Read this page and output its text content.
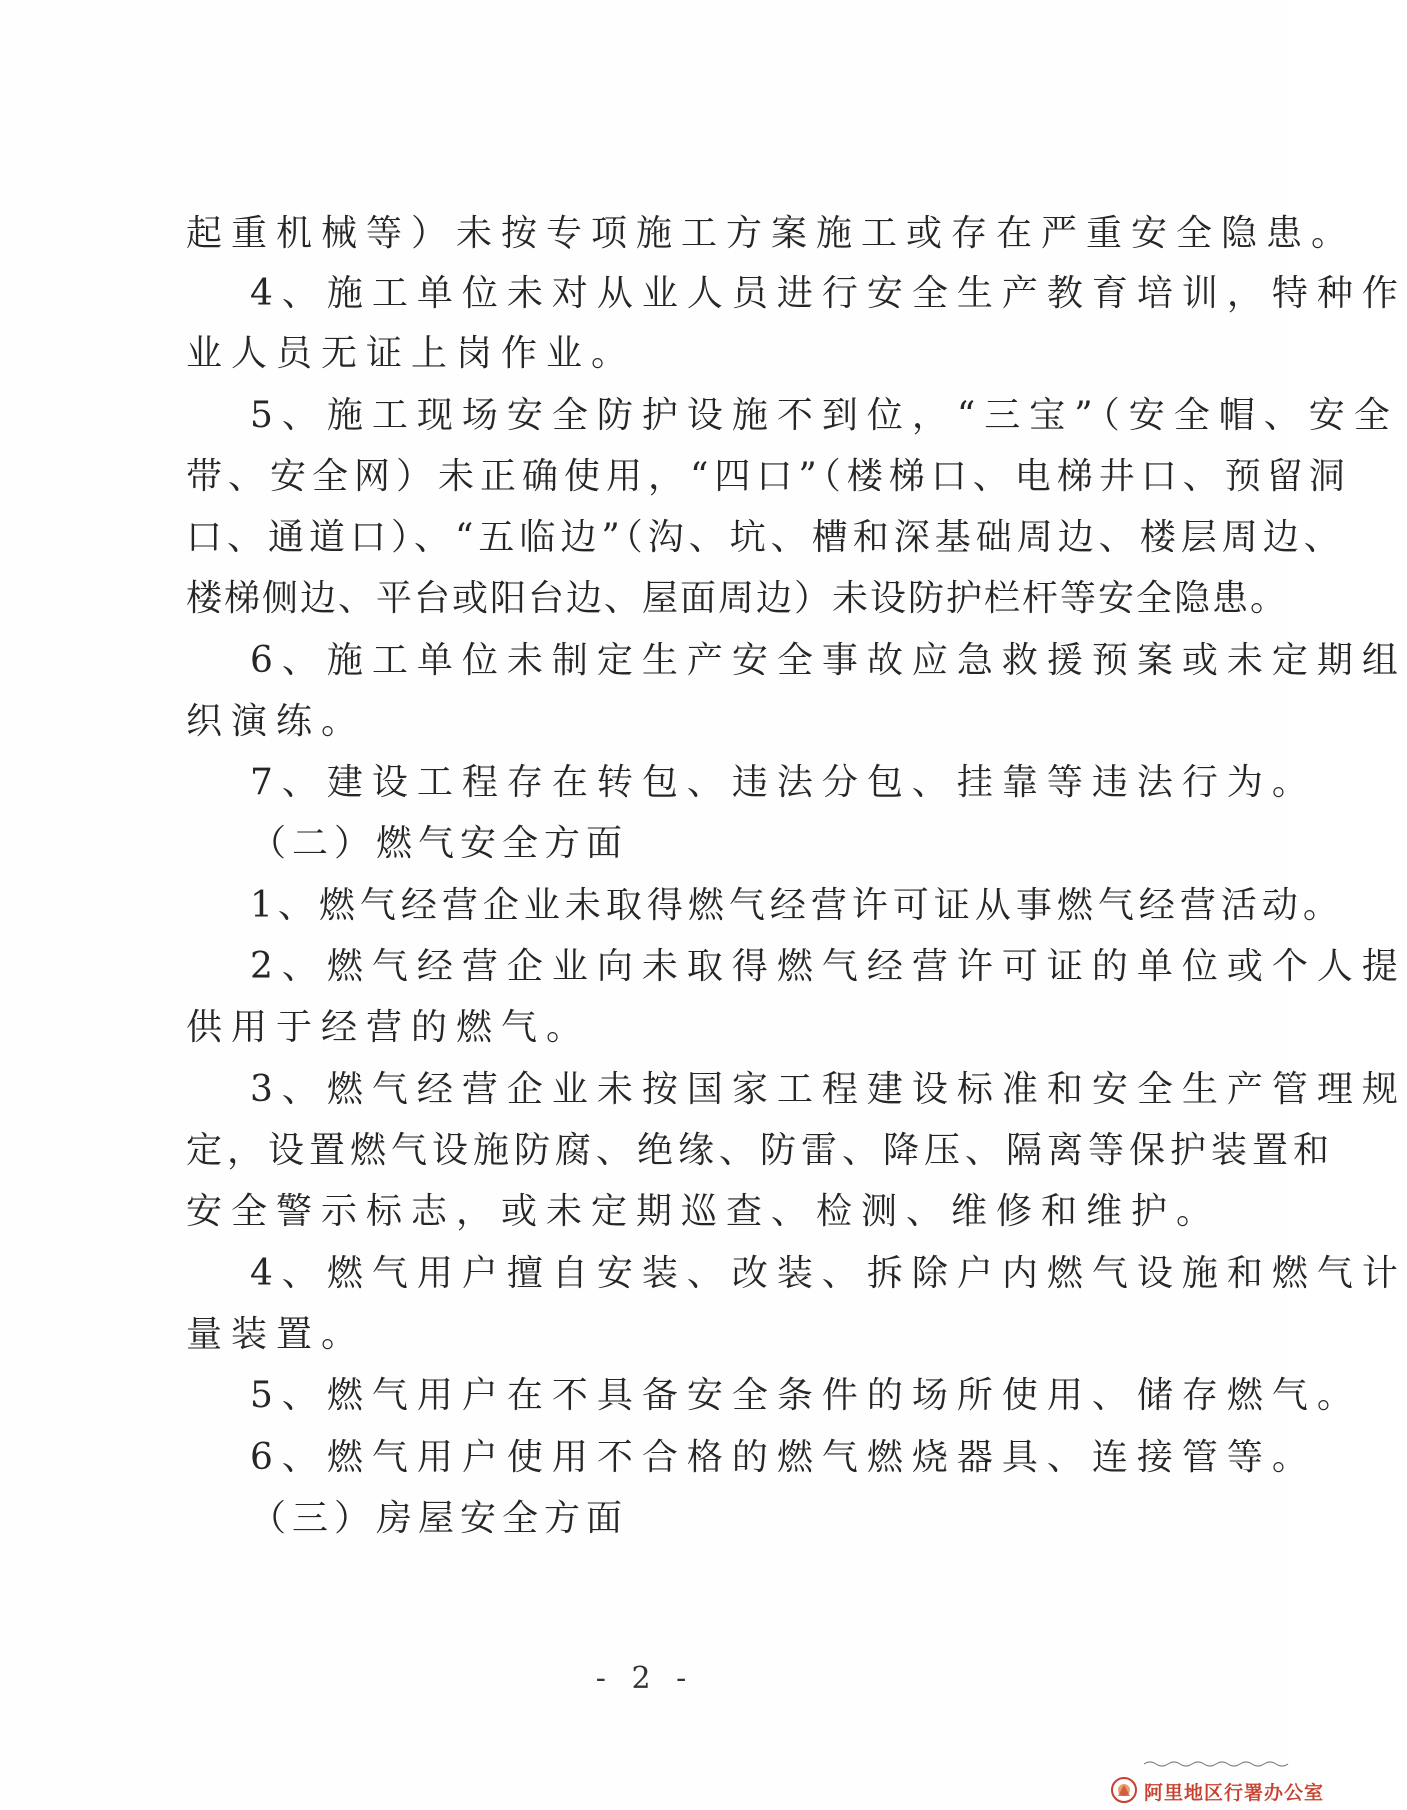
起重机械等）未按专项施工方案施工或存在严重安全隐患。
4、施工单位未对从业人员进行安全生产教育培训，特种作
业人员无证上岗作业。
5、施工现场安全防护设施不到位，“三宝”（安全帽、安全
带、安全网）未正确使用，“四口”（楼梯口、电梯井口、预留洞
口、通道口）、“五临边”（沟、坑、槽和深基础周边、楼层周边、
楼梯侧边、平台或阳台边、屋面周边）未设防护栏杆等安全隐患。
6、施工单位未制定生产安全事故应急救援预案或未定期组
织演练。
7、建设工程存在转包、违法分包、挂靠等违法行为。
（二）燃气安全方面
1、燃气经营企业未取得燃气经营许可证从事燃气经营活动。
2、燃气经营企业向未取得燃气经营许可证的单位或个人提
供用于经营的燃气。
3、燃气经营企业未按国家工程建设标准和安全生产管理规
定，设置燃气设施防腐、绝缘、防雷、降压、隔离等保护装置和
安全警示标志，或未定期巡查、检测、维修和维护。
4、燃气用户擅自安装、改装、拆除户内燃气设施和燃气计
量装置。
5、燃气用户在不具备安全条件的场所使用、储存燃气。
6、燃气用户使用不合格的燃气燃烧器具、连接管等。
（三）房屋安全方面
- 2 -
阿里地区行署办公室
